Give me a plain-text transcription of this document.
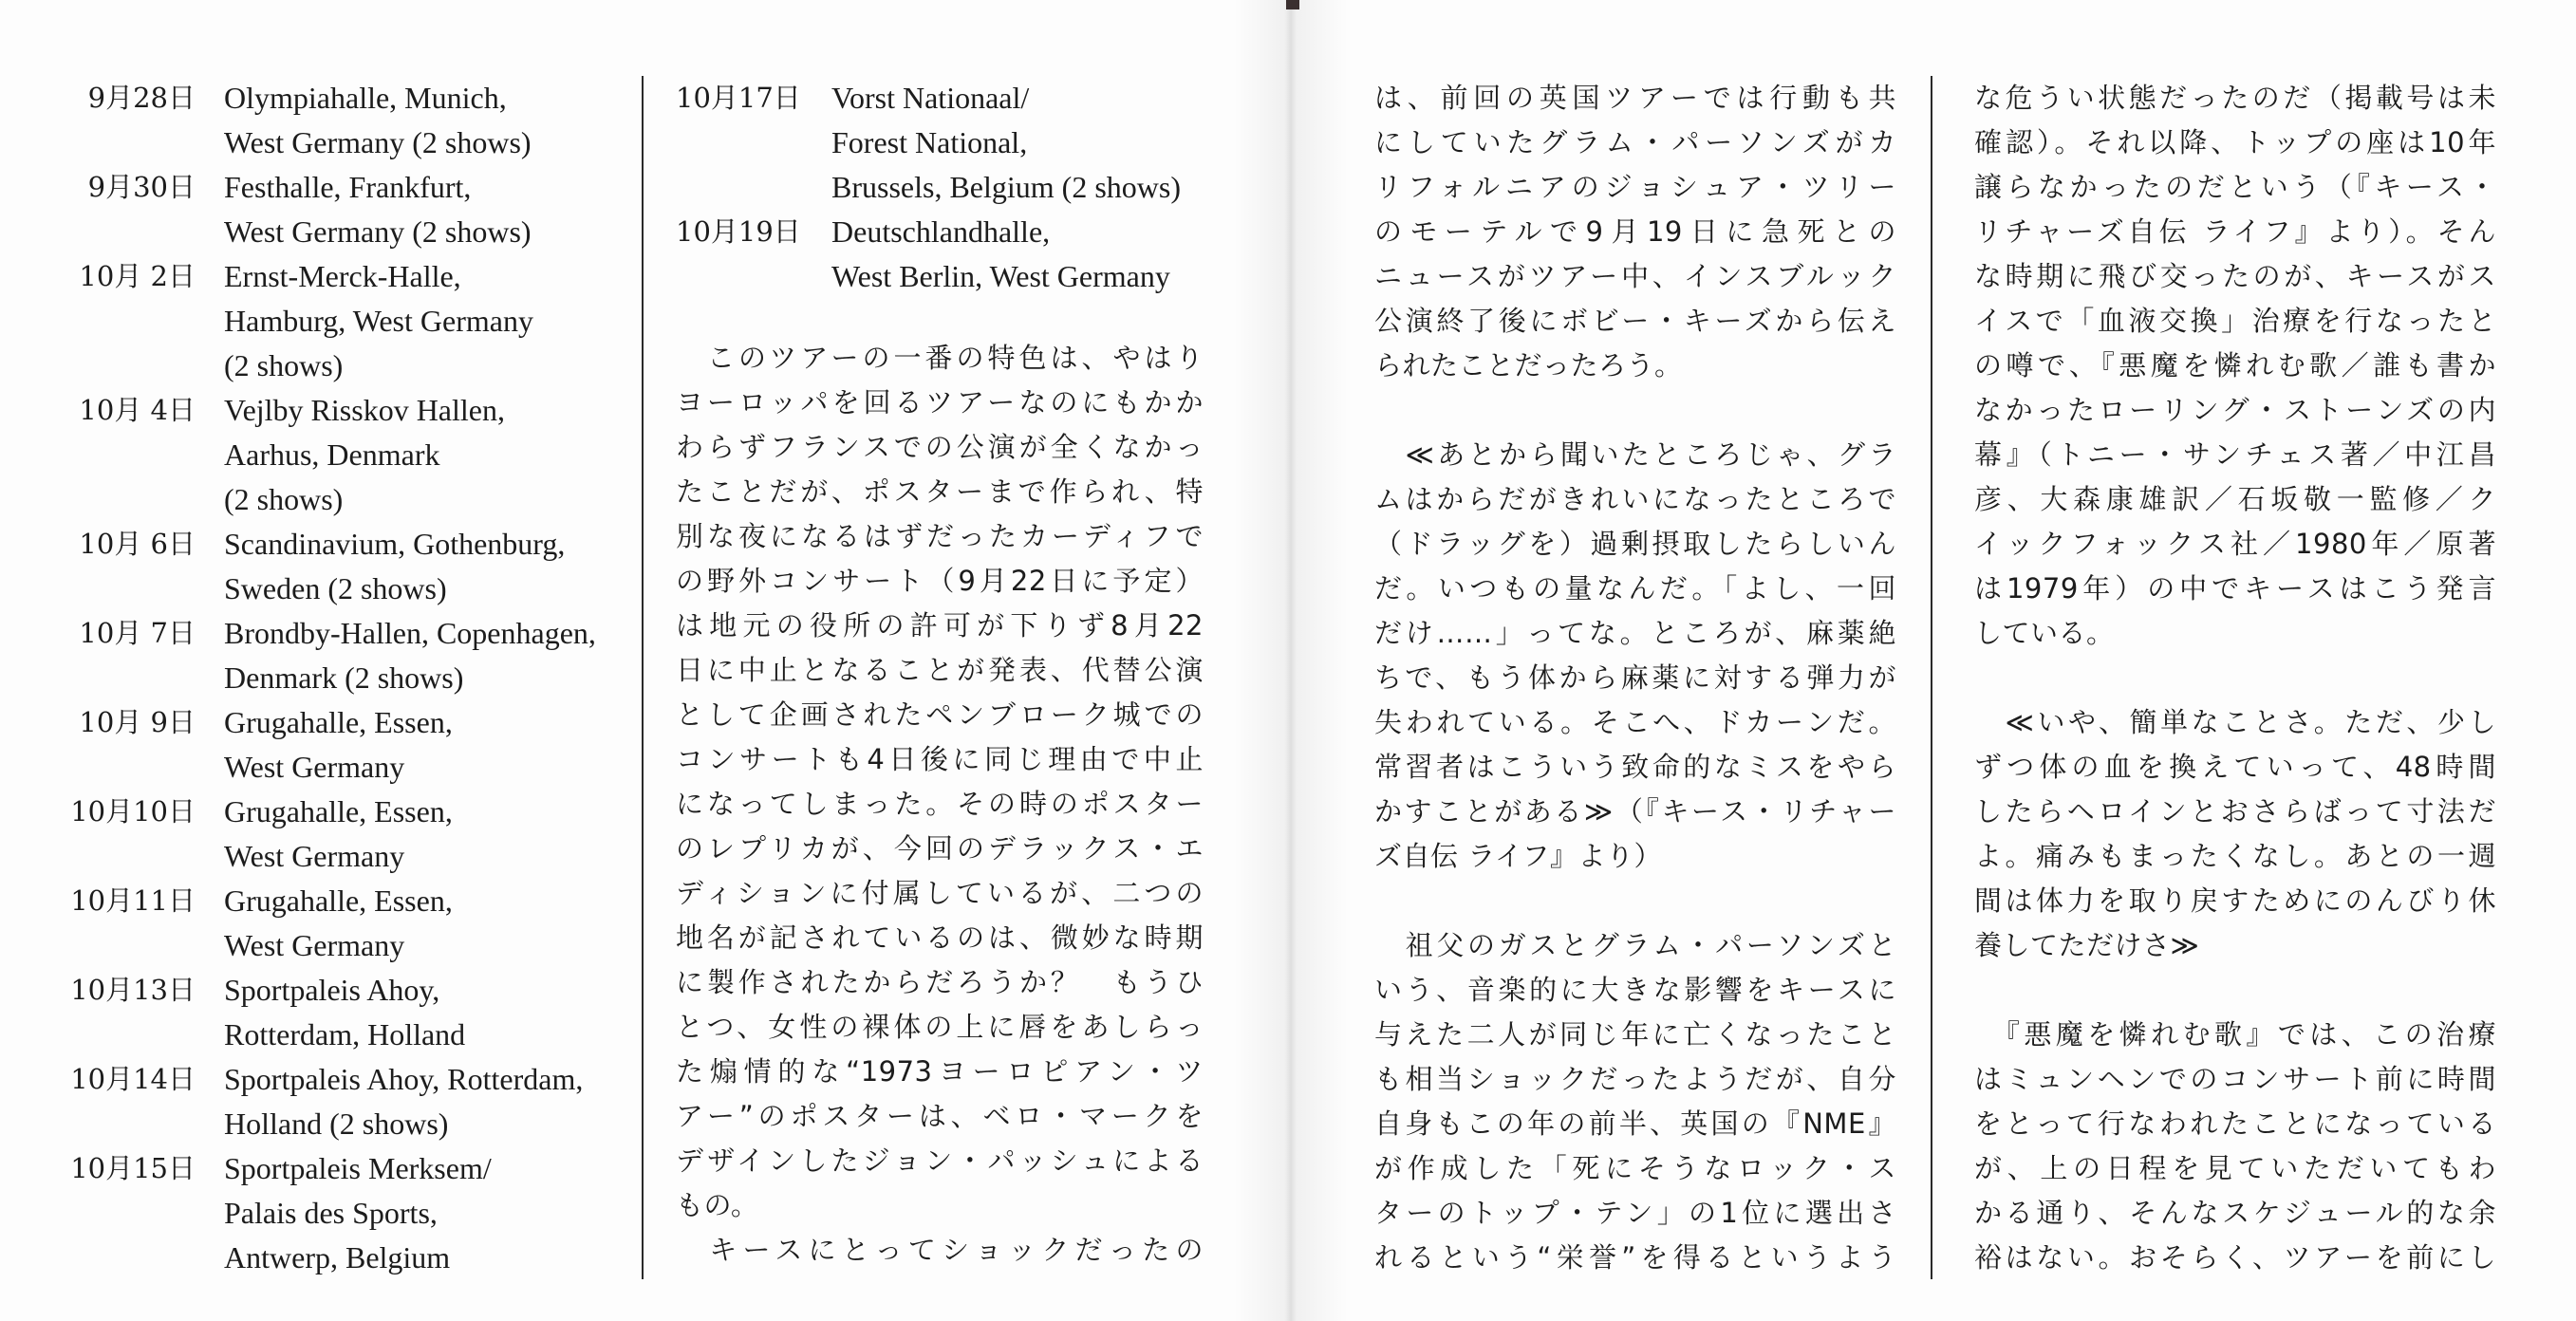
9月28日 Olympiahalle, Munich,
West Germany (2 shows)
9月30日 Festhalle, Frankfurt,
West Germany (2 shows)
10月 2日 Ernst-Merck-Halle,
Hamburg, West Germany
(2 shows)
10月 4日 Vejlby Risskov Hallen,
Aarhus, Denmark
(2 shows)
10月 6日 Scandinavium, Gothenburg,
Sweden (2 shows)
10月 7日 Brondby-Hallen, Copenhagen,
Denmark (2 shows)
10月 9日 Grugahalle, Essen,
West Germany
10月10日 Grugahalle, Essen,
West Germany
10月11日 Grugahalle, Essen,
West Germany
10月13日 Sportpaleis Ahoy,
Rotterdam, Holland
10月14日 Sportpaleis Ahoy, Rotterdam,
Holland (2 shows)
10月15日 Sportpaleis Merksem/
Palais des Sports,
Antwerp, Belgium
10月17日 Vorst Nationaal/
Forest National,
Brussels, Belgium (2 shows)
10月19日 Deutschlandhalle,
West Berlin, West Germany
　このツアーの一番の特色は、やはり
ヨーロッパを回るツアーなのにもかか
わらずフランスでの公演が全くなかっ
たことだが、ポスターまで作られ、特
別な夜になるはずだったカーディフで
の野外コンサート（9月22日に予定）
は地元の役所の許可が下りず8月22
日に中止となることが発表、代替公演
として企画されたペンブローク城での
コンサートも4日後に同じ理由で中止
になってしまった。その時のポスター
のレプリカが、今回のデラックス・エ
ディションに付属しているが、二つの
地名が記されているのは、微妙な時期
に製作されたからだろうか？　もうひ
とつ、女性の裸体の上に唇をあしらっ
た煽情的な“1973ヨーロピアン・ツ
アー”のポスターは、ベロ・マークを
デザインしたジョン・パッシュによる
もの。
　キースにとってショックだったの
は、前回の英国ツアーでは行動も共
にしていたグラム・パーソンズがカ
リフォルニアのジョシュア・ツリー
のモーテルで9月19日に急死との
ニュースがツアー中、インスブルック
公演終了後にボビー・キーズから伝え
られたことだったろう。
　≪あとから聞いたところじゃ、グラ
ムはからだがきれいになったところで
（ドラッグを）過剰摂取したらしいん
だ。いつもの量なんだ。「よし、一回
だけ……」ってな。ところが、麻薬絶
ちで、もう体から麻薬に対する弾力が
失われている。そこへ、ドカーンだ。
常習者はこういう致命的なミスをやら
かすことがある≫（『キース・リチャー
ズ自伝 ライフ』より）
　祖父のガスとグラム・パーソンズと
いう、音楽的に大きな影響をキースに
与えた二人が同じ年に亡くなったこと
も相当ショックだったようだが、自分
自身もこの年の前半、英国の『NME』
が作成した「死にそうなロック・ス
ターのトップ・テン」の1位に選出さ
れるという“栄誉”を得るというよう
な危うい状態だったのだ（掲載号は未
確認）。それ以降、トップの座は10年
譲らなかったのだという（『キース・
リチャーズ自伝 ライフ』より）。そん
な時期に飛び交ったのが、キースがス
イスで「血液交換」治療を行なったと
の噂で、『悪魔を憐れむ歌／誰も書か
なかったローリング・ストーンズの内
幕』（トニー・サンチェス著／中江昌
彦、大森康雄訳／石坂敬一監修／ク
イックフォックス社／1980年／原著
は1979年）の中でキースはこう発言
している。
　≪いや、簡単なことさ。ただ、少し
ずつ体の血を換えていって、48時間
したらヘロインとおさらばって寸法だ
よ。痛みもまったくなし。あとの一週
間は体力を取り戻すためにのんびり休
養してただけさ≫
　『悪魔を憐れむ歌』では、この治療
はミュンヘンでのコンサート前に時間
をとって行なわれたことになっている
が、上の日程を見ていただいてもわ
かる通り、そんなスケジュール的な余
裕はない。おそらく、ツアーを前にし
